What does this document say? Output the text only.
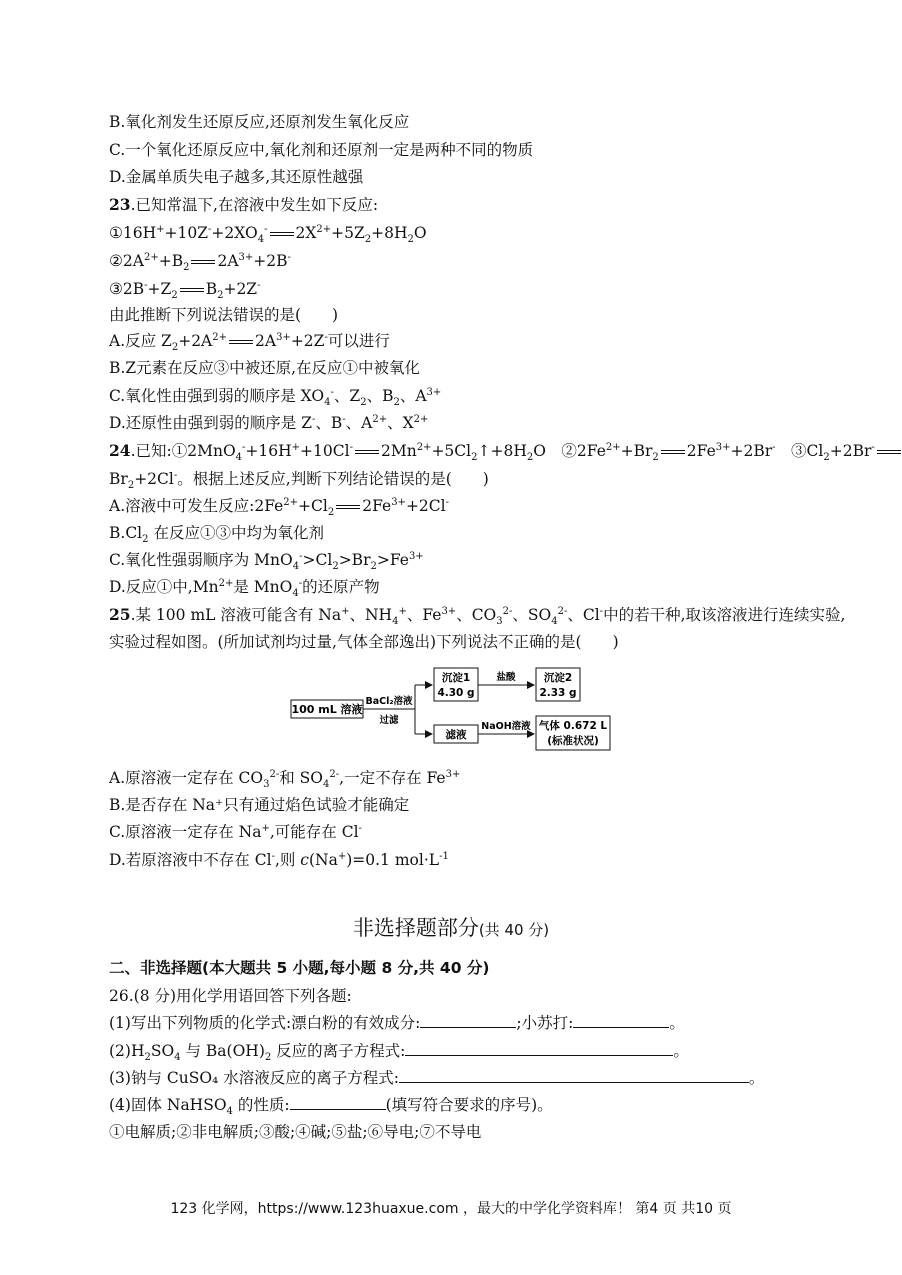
B.氧化剂发生还原反应,还原剂发生氧化反应
C.一个氧化还原反应中,氧化剂和还原剂一定是两种不同的物质
D.金属单质失电子越多,其还原性越强
23.已知常温下,在溶液中发生如下反应:
$①16H^++10Z^-+2XO_4^-$ $2X^{2+}+5Z_2+8H_2O$
$②2A^{2+}+B_2$ $2A^{3+}+2B^-$
$③2B^-+Z_2$ $B_2+2Z^-$
由此推断下列说法错误的是(　　)
A.反应 $Z_2+2A^{2+}$ $2A^{3+}+2Z^-$可以进行
B.Z元素在反应③中被还原,在反应①中被氧化
C.氧化性由强到弱的顺序是 $XO_4^-$、$Z_2$、$B_2$、$A^{3+}$
D.还原性由强到弱的顺序是 Z-、B-、$A^{2+}$、$X^{2+}$
24.已知:①2MnO$_4$-+16H++10Cl- $2Mn^{2+}+5Cl_2↑+8H_2O$　$②2Fe^{2+}+Br_2$ $2Fe^{3+}+2Br^-$　$③Cl_2+2Br^-$
$Br_2+2Cl^-$。根据上述反应,判断下列结论错误的是(　　)
A.溶液中可发生反应$:2Fe^{2+}+Cl_2$ $2Fe^{3+}+2Cl^-$
$B.Cl_2$ 在反应①③中均为氧化剂
C.氧化性强弱顺序为 $MnO_4^->Cl_2>Br_2>Fe^{3+}$
D.反应①中$,Mn^{2+}$是 MnO$_4$-的还原产物
25.某 100 mL 溶液可能含有 Na+、$NH_4^+$、$Fe^{3+}$、$CO_3^{2-}$、$SO_4^{2-}$、Cl-中的若干种,取该溶液进行连续实验,
实验过程如图。(所加试剂均过量,气体全部逸出)下列说法不正确的是(　　)
100 mL 溶液
BaCl₂溶液
过滤
沉淀1
4.30 g
盐酸	沉淀2
2.33 g
滤液
NaOH溶液 气体 0.672 L
(标准状况)
A.原溶液一定存在 $CO_3^{2-}$和 $SO_4^{2-}$,一定不存在 $Fe^{3+}$
B.是否存在 Na⁺只有通过焰色试验才能确定
C.原溶液一定存在 Na+,可能存在 Cl-
D.若原溶液中不存在 Cl-,则 c(Na+)=0.1 $mol\cdot L^{-1}$
非选择题部分(共 40 分)
二、非选择题(本大题共 5 小题,每小题 8 分,共 40 分)
26.(8 分)用化学用语回答下列各题:
(1)写出下列物质的化学式:漂白粉的有效成分:	;小苏打:	。
$(2)H_2SO_4$ 与 $Ba(OH)_2$ 反应的离子方程式:	。
(3)钠与 CuSO₄ 水溶液反应的离子方程式:	。
(4)固体 NaHSO$_4$ 的性质:	(填写符合要求的序号)。
①电解质;②非电解质;③酸;④碱;⑤盐;⑥导电;⑦不导电
123 化学网，https://www.123huaxue.com ，最大的中学化学资料库！ 第4 页 共10 页
